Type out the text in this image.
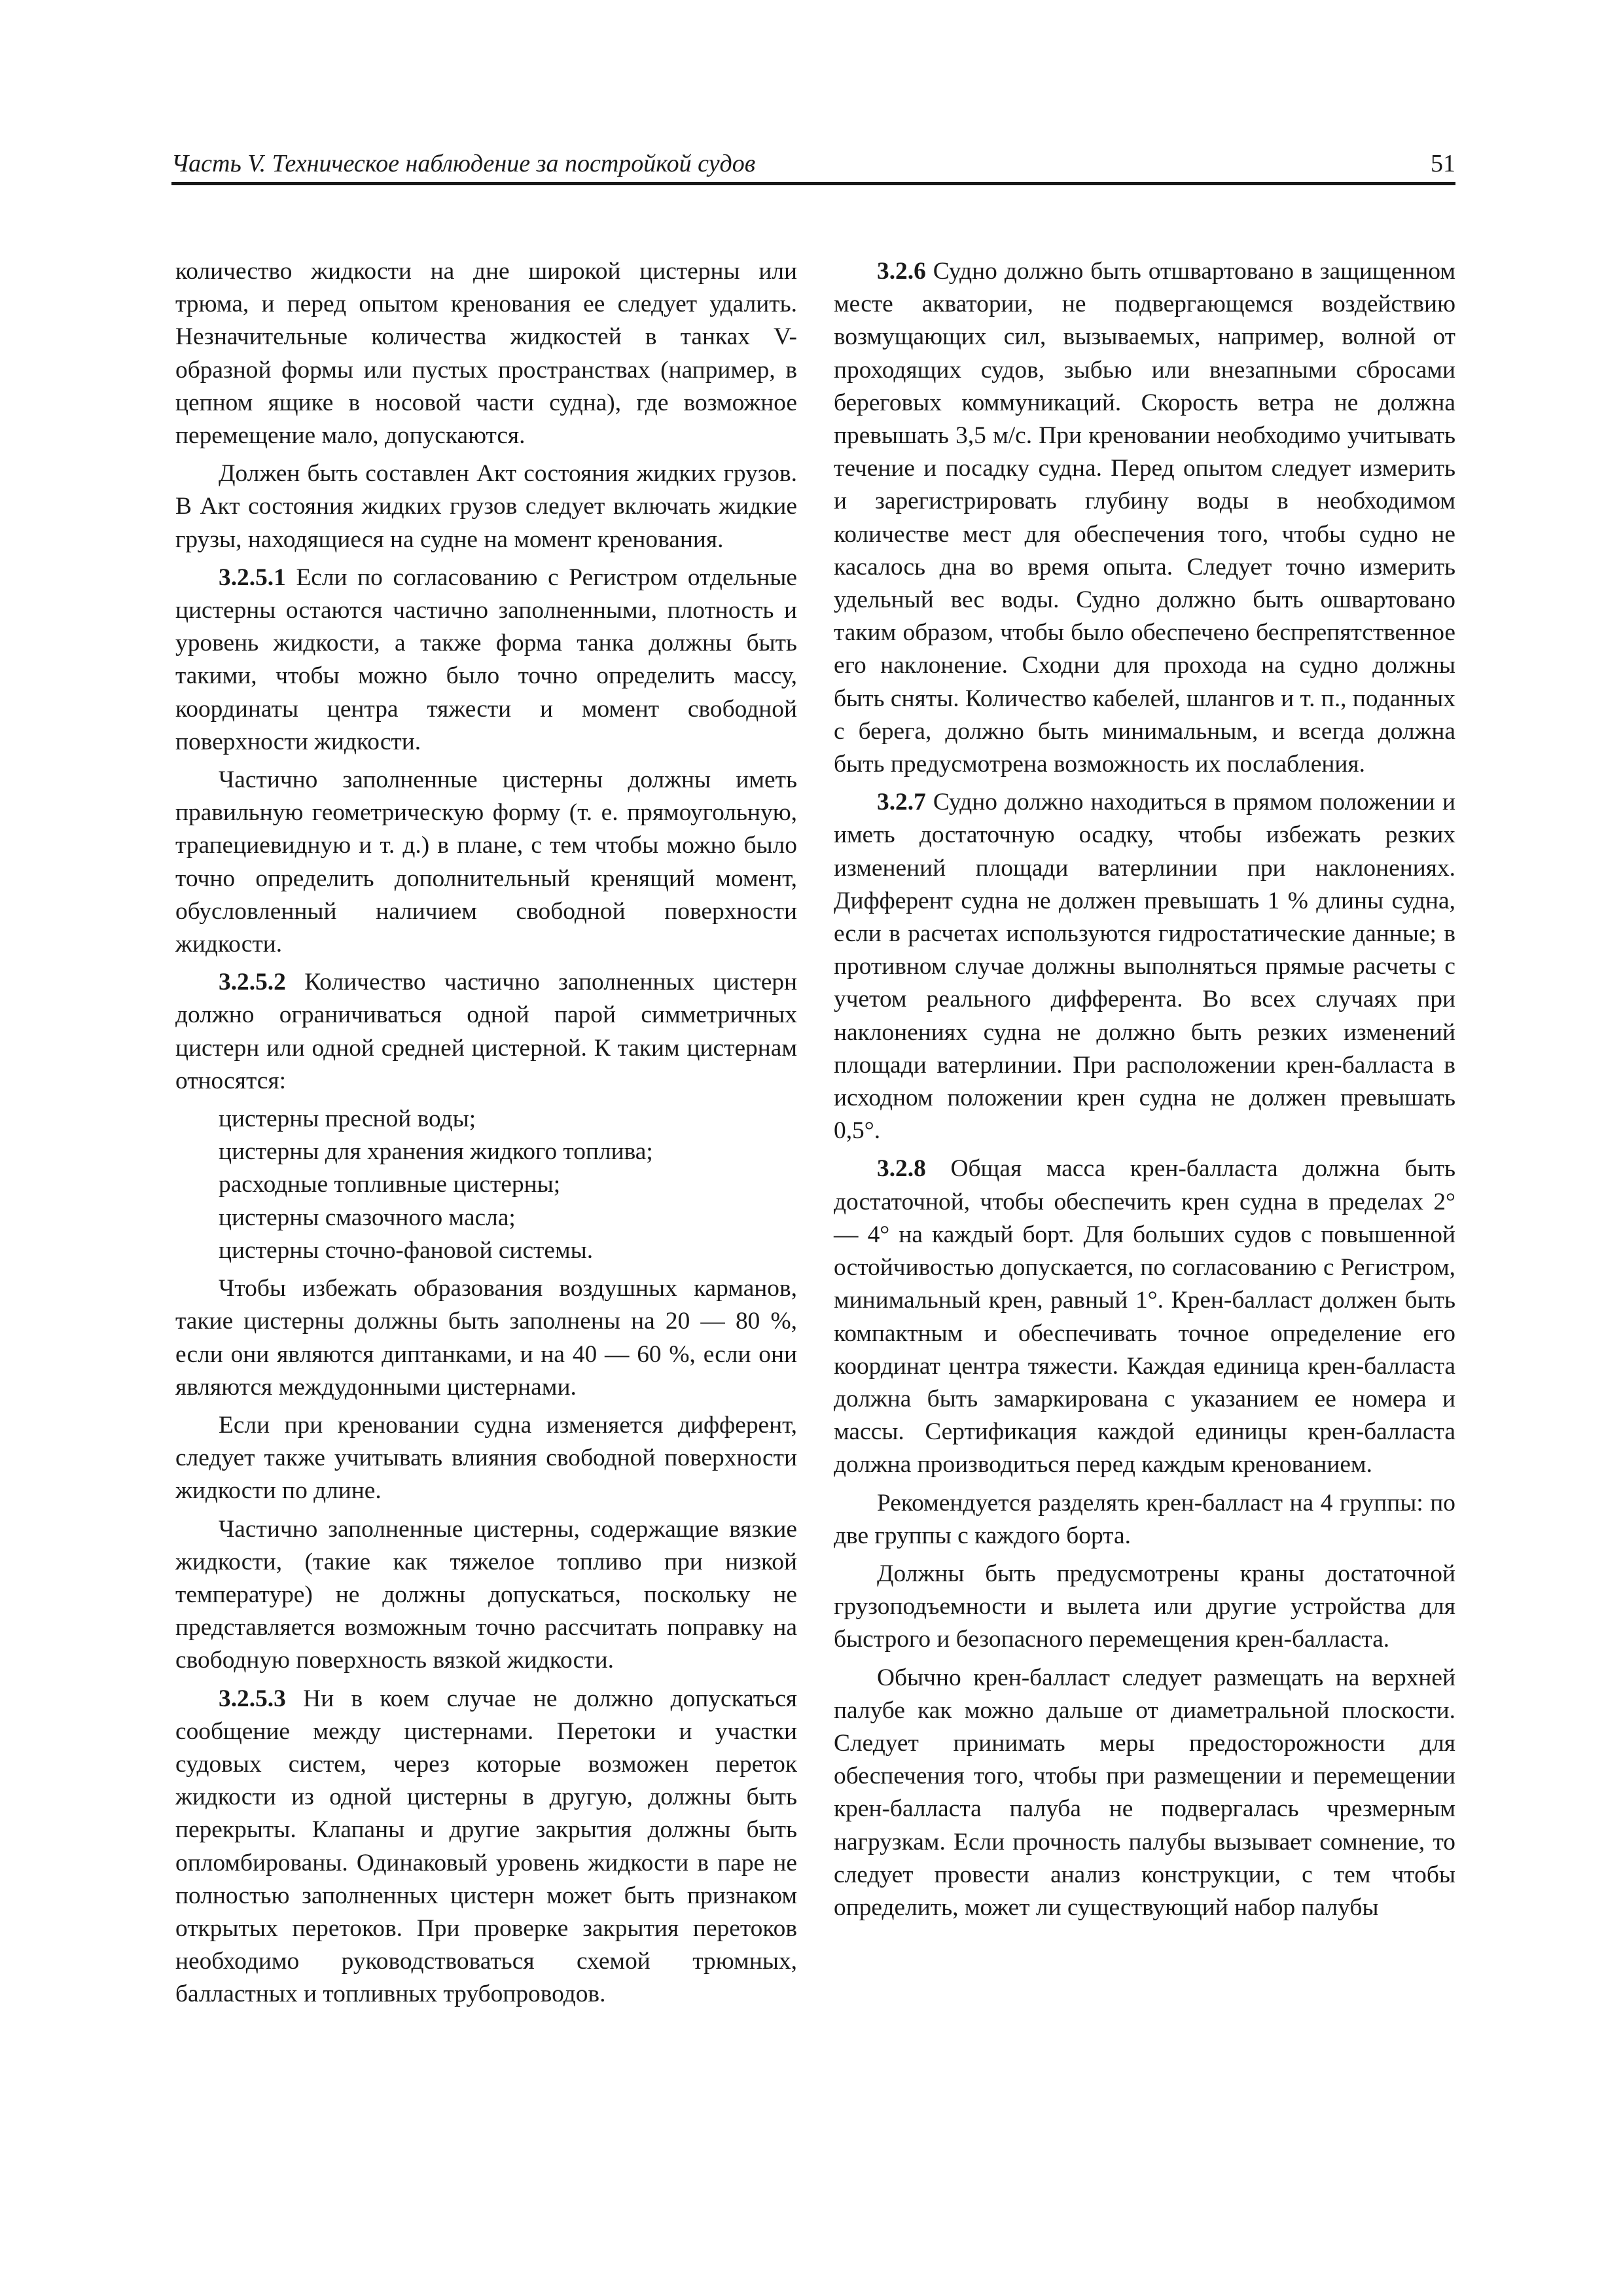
Часть V. Техническое наблюдение за постройкой судов	51

количество жидкости на дне широкой цистерны или трюма, и перед опытом кренования ее следует удалить. Незначительные количества жидкостей в танках V-образной формы или пустых пространствах (например, в цепном ящике в носовой части судна), где возможное перемещение мало, допускаются.

Должен быть составлен Акт состояния жидких грузов. В Акт состояния жидких грузов следует включать жидкие грузы, находящиеся на судне на момент кренования.

3.2.5.1 Если по согласованию с Регистром отдельные цистерны остаются частично заполненными, плотность и уровень жидкости, а также форма танка должны быть такими, чтобы можно было точно определить массу, координаты центра тяжести и момент свободной поверхности жидкости.

Частично заполненные цистерны должны иметь правильную геометрическую форму (т. е. прямоугольную, трапециевидную и т. д.) в плане, с тем чтобы можно было точно определить дополнительный кренящий момент, обусловленный наличием свободной поверхности жидкости.

3.2.5.2 Количество частично заполненных цистерн должно ограничиваться одной парой симметричных цистерн или одной средней цистерной. К таким цистернам относятся:

цистерны пресной воды;

цистерны для хранения жидкого топлива;

расходные топливные цистерны;

цистерны смазочного масла;

цистерны сточно-фановой системы.

Чтобы избежать образования воздушных карманов, такие цистерны должны быть заполнены на 20 — 80 %, если они являются диптанками, и на 40 — 60 %, если они являются междудонными цистернами.

Если при креновании судна изменяется дифферент, следует также учитывать влияния свободной поверхности жидкости по длине.

Частично заполненные цистерны, содержащие вязкие жидкости, (такие как тяжелое топливо при низкой температуре) не должны допускаться, поскольку не представляется возможным точно рассчитать поправку на свободную поверхность вязкой жидкости.

3.2.5.3 Ни в коем случае не должно допускаться сообщение между цистернами. Перетоки и участки судовых систем, через которые возможен переток жидкости из одной цистерны в другую, должны быть перекрыты. Клапаны и другие закрытия должны быть опломбированы. Одинаковый уровень жидкости в паре не полностью заполненных цистерн может быть признаком открытых перетоков. При проверке закрытия перетоков необходимо руководствоваться схемой трюмных, балластных и топливных трубопроводов.

3.2.6 Судно должно быть отшвартовано в защищенном месте акватории, не подвергающемся воздействию возмущающих сил, вызываемых, например, волной от проходящих судов, зыбью или внезапными сбросами береговых коммуникаций. Скорость ветра не должна превышать 3,5 м/с. При креновании необходимо учитывать течение и посадку судна. Перед опытом следует измерить и зарегистрировать глубину воды в необходимом количестве мест для обеспечения того, чтобы судно не касалось дна во время опыта. Следует точно измерить удельный вес воды. Судно должно быть ошвартовано таким образом, чтобы было обеспечено беспрепятственное его наклонение. Сходни для прохода на судно должны быть сняты. Количество кабелей, шлангов и т. п., поданных с берега, должно быть минимальным, и всегда должна быть предусмотрена возможность их послабления.

3.2.7 Судно должно находиться в прямом положении и иметь достаточную осадку, чтобы избежать резких изменений площади ватерлинии при наклонениях. Дифферент судна не должен превышать 1 % длины судна, если в расчетах используются гидростатические данные; в противном случае должны выполняться прямые расчеты с учетом реального дифферента. Во всех случаях при наклонениях судна не должно быть резких изменений площади ватерлинии. При расположении крен-балласта в исходном положении крен судна не должен превышать 0,5°.

3.2.8 Общая масса крен-балласта должна быть достаточной, чтобы обеспечить крен судна в пределах 2° — 4° на каждый борт. Для больших судов с повышенной остойчивостью допускается, по согласованию с Регистром, минимальный крен, равный 1°. Крен-балласт должен быть компактным и обеспечивать точное определение его координат центра тяжести. Каждая единица крен-балласта должна быть замаркирована с указанием ее номера и массы. Сертификация каждой единицы крен-балласта должна производиться перед каждым кренованием.

Рекомендуется разделять крен-балласт на 4 группы: по две группы с каждого борта.

Должны быть предусмотрены краны достаточной грузоподъемности и вылета или другие устройства для быстрого и безопасного перемещения крен-балласта.

Обычно крен-балласт следует размещать на верхней палубе как можно дальше от диаметральной плоскости. Следует принимать меры предосторожности для обеспечения того, чтобы при размещении и перемещении крен-балласта палуба не подвергалась чрезмерным нагрузкам. Если прочность палубы вызывает сомнение, то следует провести анализ конструкции, с тем чтобы определить, может ли существующий набор палубы
